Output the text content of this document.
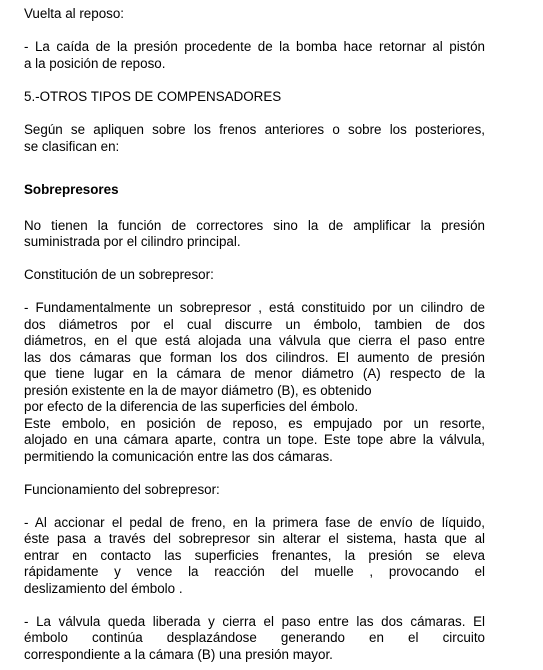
Vuelta al reposo:
- La caída de la presión procedente de la bomba hace retornar al pistón
a la posición de reposo.
5.-OTROS TIPOS DE COMPENSADORES
Según se apliquen sobre los frenos anteriores o sobre los posteriores,
se clasifican en:
Sobrepresores
No tienen la función de correctores sino la de amplificar la presión
suministrada por el cilindro principal.
Constitución de un sobrepresor:
- Fundamentalmente un sobrepresor , está constituido por un cilindro de
dos diámetros por el cual discurre un émbolo, tambien de dos
diámetros, en el que está alojada una válvula que cierra el paso entre
las dos cámaras que forman los dos cilindros. El aumento de presión
que tiene lugar en la cámara de menor diámetro (A) respecto de la
presión existente en la de mayor diámetro (B), es obtenido
por efecto de la diferencia de las superficies del émbolo.
Este embolo, en posición de reposo, es empujado por un resorte,
alojado en una cámara aparte, contra un tope. Este tope abre la válvula,
permitiendo la comunicación entre las dos cámaras.
Funcionamiento del sobrepresor:
- Al accionar el pedal de freno, en la primera fase de envío de líquido,
éste pasa a través del sobrepresor sin alterar el sistema, hasta que al
entrar en contacto las superficies frenantes, la presión se eleva
rápidamente y vence la reacción del muelle , provocando el
deslizamiento del émbolo .
- La válvula queda liberada y cierra el paso entre las dos cámaras. El
émbolo continúa desplazándose generando en el circuito
correspondiente a la cámara (B) una presión mayor.
